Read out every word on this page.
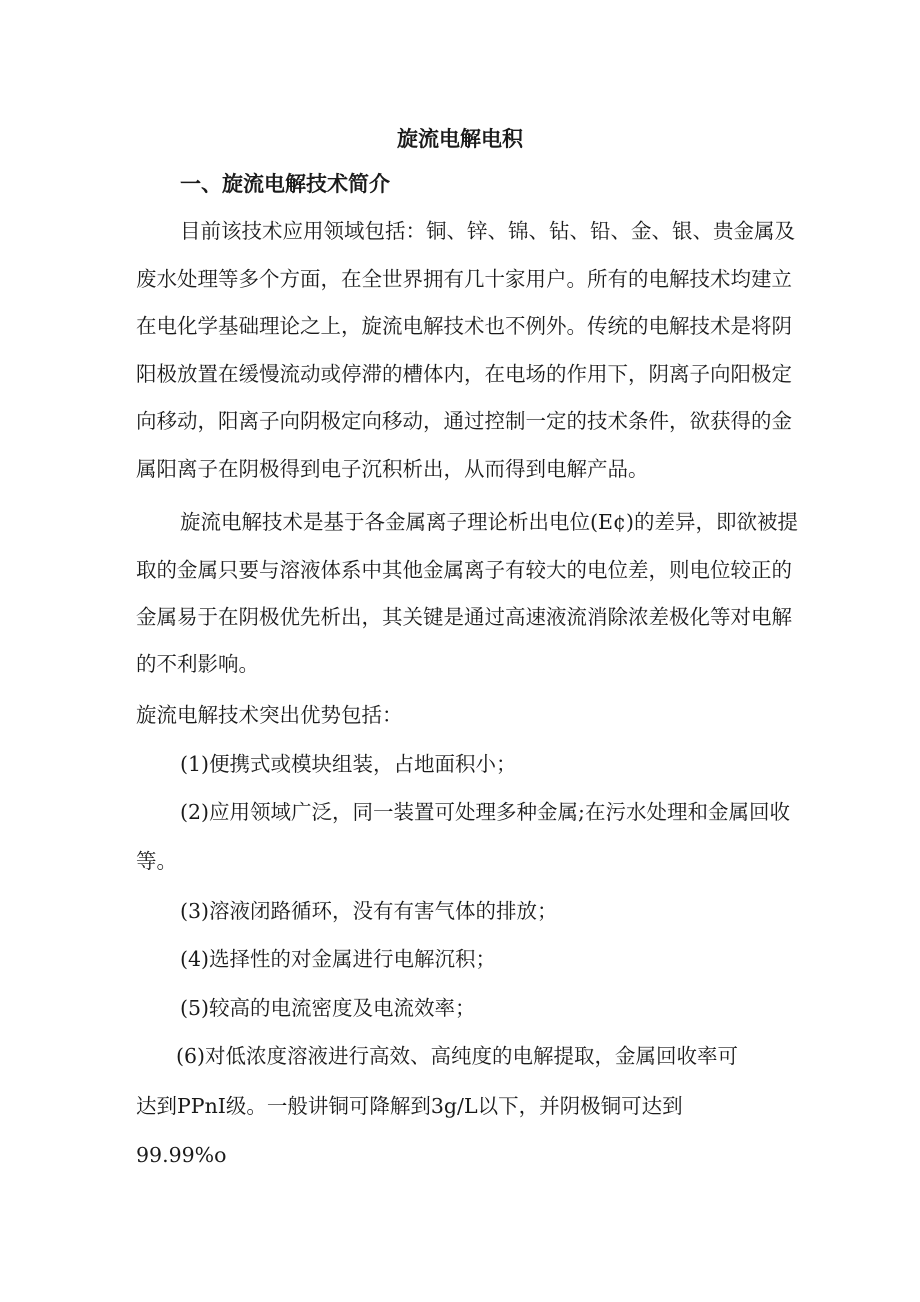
旋流电解电积
一、旋流电解技术简介
目前该技术应用领域包括：铜、锌、锦、钻、铅、金、银、贵金属及
废水处理等多个方面，在全世界拥有几十家用户。所有的电解技术均建立
在电化学基础理论之上，旋流电解技术也不例外。传统的电解技术是将阴
阳极放置在缓慢流动或停滞的槽体内，在电场的作用下，阴离子向阳极定
向移动，阳离子向阴极定向移动，通过控制一定的技术条件，欲获得的金
属阳离子在阴极得到电子沉积析出，从而得到电解产品。
旋流电解技术是基于各金属离子理论析出电位(E¢)的差异，即欲被提
取的金属只要与溶液体系中其他金属离子有较大的电位差，则电位较正的
金属易于在阴极优先析出，其关键是通过高速液流消除浓差极化等对电解
的不利影响。
旋流电解技术突出优势包括：
(1)便携式或模块组装，占地面积小；
(2)应用领域广泛，同一装置可处理多种金属;在污水处理和金属回收
等。
(3)溶液闭路循环，没有有害气体的排放；
(4)选择性的对金属进行电解沉积；
(5)较高的电流密度及电流效率；
(6)对低浓度溶液进行高效、高纯度的电解提取，金属回收率可
达到PPnI级。一般讲铜可降解到3g/L以下，并阴极铜可达到
99.99%o
